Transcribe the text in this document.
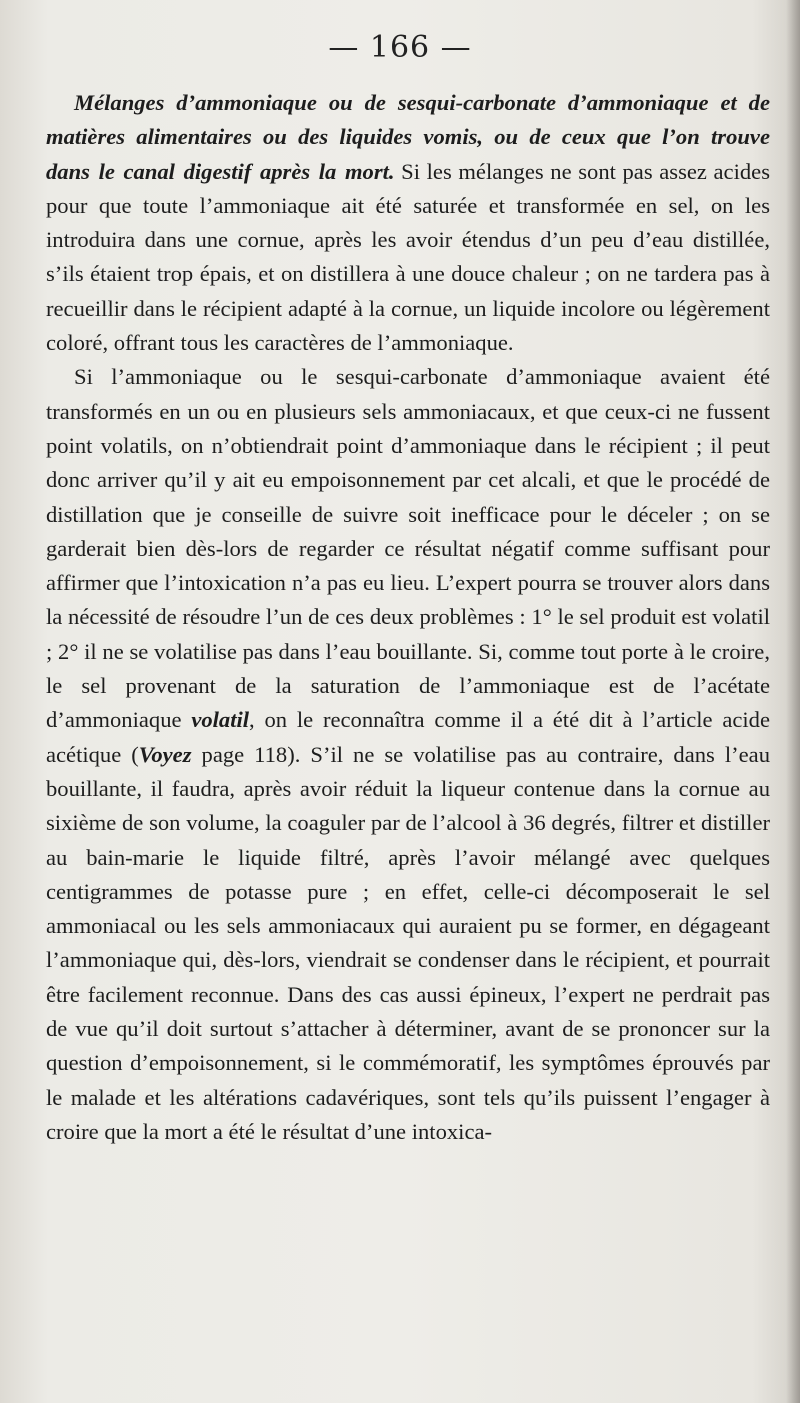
— 166 —

Mélanges d’ammoniaque ou de sesqui-carbonate d’ammoniaque et de matières alimentaires ou des liquides vomis, ou de ceux que l’on trouve dans le canal digestif après la mort. Si les mélanges ne sont pas assez acides pour que toute l’ammoniaque ait été saturée et transformée en sel, on les introduira dans une cornue, après les avoir étendus d’un peu d’eau distillée, s’ils étaient trop épais, et on distillera à une douce chaleur ; on ne tardera pas à recueillir dans le récipient adapté à la cornue, un liquide incolore ou légèrement coloré, offrant tous les caractères de l’ammoniaque.

Si l’ammoniaque ou le sesqui-carbonate d’ammoniaque avaient été transformés en un ou en plusieurs sels ammoniacaux, et que ceux-ci ne fussent point volatils, on n’obtiendrait point d’ammoniaque dans le récipient ; il peut donc arriver qu’il y ait eu empoisonnement par cet alcali, et que le procédé de distillation que je conseille de suivre soit inefficace pour le déceler ; on se garderait bien dès-lors de regarder ce résultat négatif comme suffisant pour affirmer que l’intoxication n’a pas eu lieu. L’expert pourra se trouver alors dans la nécessité de résoudre l’un de ces deux problèmes : 1° le sel produit est volatil ; 2° il ne se volatilise pas dans l’eau bouillante. Si, comme tout porte à le croire, le sel provenant de la saturation de l’ammoniaque est de l’acétate d’ammoniaque volatil, on le reconnaîtra comme il a été dit à l’article acide acétique (Voyez page 118). S’il ne se volatilise pas au contraire, dans l’eau bouillante, il faudra, après avoir réduit la liqueur contenue dans la cornue au sixième de son volume, la coaguler par de l’alcool à 36 degrés, filtrer et distiller au bain-marie le liquide filtré, après l’avoir mélangé avec quelques centigrammes de potasse pure ; en effet, celle-ci décomposerait le sel ammoniacal ou les sels ammoniacaux qui auraient pu se former, en dégageant l’ammoniaque qui, dès-lors, viendrait se condenser dans le récipient, et pourrait être facilement reconnue. Dans des cas aussi épineux, l’expert ne perdrait pas de vue qu’il doit surtout s’attacher à déterminer, avant de se prononcer sur la question d’empoisonnement, si le commémoratif, les symptômes éprouvés par le malade et les altérations cadavériques, sont tels qu’ils puissent l’engager à croire que la mort a été le résultat d’une intoxica-
